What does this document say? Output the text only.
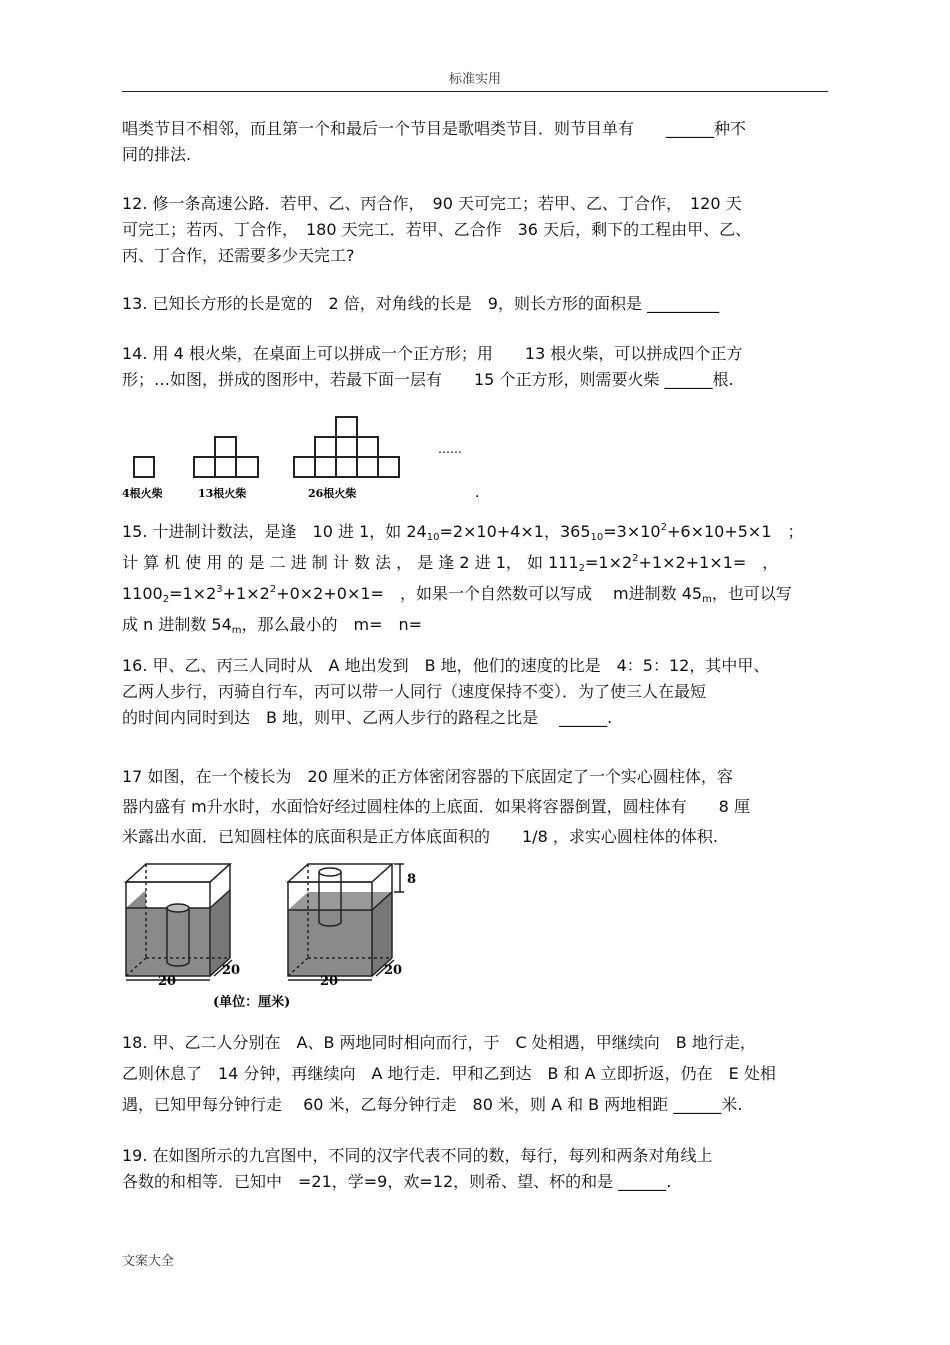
标准实用
唱类节目不相邻，而且第一个和最后一个节目是歌唱类节目．则节目单有　　______种不
同的排法.
12. 修一条高速公路．若甲、乙、丙合作，　90 天可完工；若甲、乙、丁合作，　120 天
可完工；若丙、丁合作，　180 天完工．若甲、乙合作　36 天后，剩下的工程由甲、乙、
丙、丁合作，还需要多少天完工?
13. 已知长方形的长是宽的　2 倍，对角线的长是　9，则长方形的面积是 _________
14. 用 4 根火柴，在桌面上可以拼成一个正方形；用　　13 根火柴，可以拼成四个正方
形；…如图，拼成的图形中，若最下面一层有　　15 个正方形，则需要火柴 ______根.
4根火柴	13根火柴	26根火柴
……
.
15. 十进制计数法，是逢　10 进 1，如 2410=2×10+4×1，$36510=3\times 10^2+6\times 10+5\times 1$　；
计 算 机 使 用 的 是 二 进 制 计 数 法 ， 是 逢 2 进 1， 如 $1112=1\times 2^2+1\times 2+1\times 1=$　，
$11002=1\times 2^3+1\times 2^2+0\times 2+0\times 1=$　，如果一个自然数可以写成　 m进制数 45m，也可以写
成 n 进制数 54m，那么最小的　m=　n=
16. 甲、乙、丙三人同时从　A 地出发到　B 地，他们的速度的比是　4：5：12，其中甲、
乙两人步行，丙骑自行车，丙可以带一人同行（速度保持不变）．为了使三人在最短
的时间内同时到达　B 地，则甲、乙两人步行的路程之比是　 ______.
17 如图，在一个棱长为　20 厘米的正方体密闭容器的下底固定了一个实心圆柱体，容
器内盛有 m升水时，水面恰好经过圆柱体的上底面．如果将容器倒置，圆柱体有　　8 厘
米露出水面．已知圆柱体的底面积是正方体底面积的　　1/8 ，求实心圆柱体的体积.
20
20
20
20
8
(单位：厘米)
18. 甲、乙二人分别在　A、B 两地同时相向而行，于　C 处相遇，甲继续向　B 地行走，
乙则休息了　14 分钟，再继续向　A 地行走．甲和乙到达　B 和 A 立即折返，仍在　E 处相
遇，已知甲每分钟行走　 60 米，乙每分钟行走　80 米，则 A 和 B 两地相距 ______米.
19. 在如图所示的九宫图中，不同的汉字代表不同的数，每行，每列和两条对角线上
各数的和相等．已知中　=21，学=9，欢=12，则希、望、杯的和是 ______.
文案大全
